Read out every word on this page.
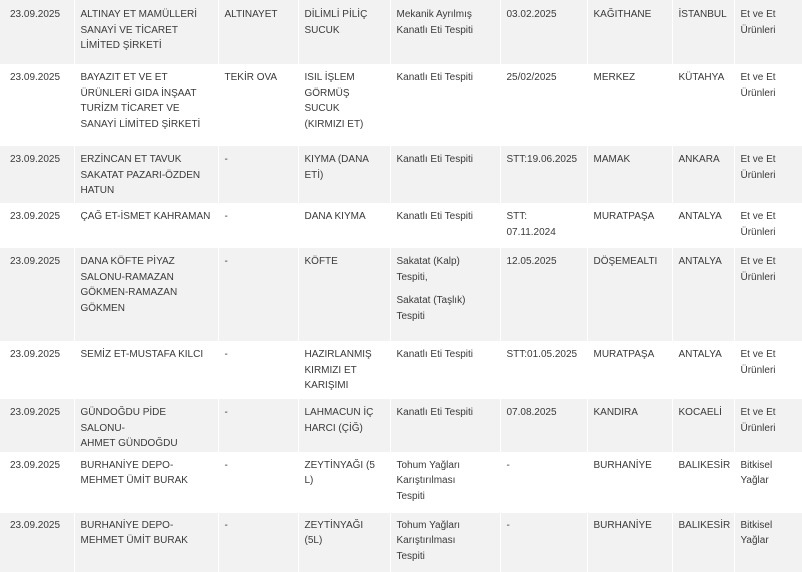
23.09.2025	ALTINAY ET MAMÜLLERİ
SANAYİ VE TİCARET
LİMİTED ŞİRKETİ	ALTINAYET	DİLİMLİ PİLİÇ
SUCUK	Mekanik Ayrılmış
Kanatlı Eti Tespiti	03.02.2025	KAĞITHANE	İSTANBUL	Et ve Et
Ürünleri

23.09.2025	BAYAZIT ET VE ET
ÜRÜNLERİ GIDA İNŞAAT
TURİZM TİCARET VE
SANAYİ LİMİTED ŞİRKETİ	TEKİR OVA	ISIL İŞLEM
GÖRMÜŞ SUCUK
(KIRMIZI ET)	Kanatlı Eti Tespiti	25/02/2025	MERKEZ	KÜTAHYA	Et ve Et
Ürünleri

23.09.2025	ERZİNCAN ET TAVUK
SAKATAT PAZARI-ÖZDEN
HATUN	-	KIYMA (DANA
ETİ)	Kanatlı Eti Tespiti	STT:19.06.2025	MAMAK	ANKARA	Et ve Et
Ürünleri

23.09.2025	ÇAĞ ET-İSMET KAHRAMAN	-	DANA KIYMA	Kanatlı Eti Tespiti	STT:
07.11.2024	MURATPAŞA	ANTALYA	Et ve Et
Ürünleri

23.09.2025	DANA KÖFTE PİYAZ
SALONU-RAMAZAN
GÖKMEN-RAMAZAN
GÖKMEN	-	KÖFTE	Sakatat (Kalp)
Tespiti,
Sakatat (Taşlık)
Tespiti	12.05.2025	DÖŞEMEALTI	ANTALYA	Et ve Et
Ürünleri

23.09.2025	SEMİZ ET-MUSTAFA KILCI	-	HAZIRLANMIŞ
KIRMIZI ET
KARIŞIMI	Kanatlı Eti Tespiti	STT:01.05.2025	MURATPAŞA	ANTALYA	Et ve Et
Ürünleri

23.09.2025	GÜNDOĞDU PİDE SALONU-
AHMET GÜNDOĞDU	-	LAHMACUN İÇ
HARCI (ÇİĞ)	Kanatlı Eti Tespiti	07.08.2025	KANDIRA	KOCAELİ	Et ve Et
Ürünleri

23.09.2025	BURHANİYE DEPO-
MEHMET ÜMİT BURAK	-	ZEYTİNYAĞI (5
L)	Tohum Yağları
Karıştırılması
Tespiti	-	BURHANİYE	BALIKESİR	Bitkisel
Yağlar

23.09.2025	BURHANİYE DEPO-
MEHMET ÜMİT BURAK	-	ZEYTİNYAĞI (5L)	Tohum Yağları
Karıştırılması
Tespiti	-	BURHANİYE	BALIKESİR	Bitkisel
Yağlar
